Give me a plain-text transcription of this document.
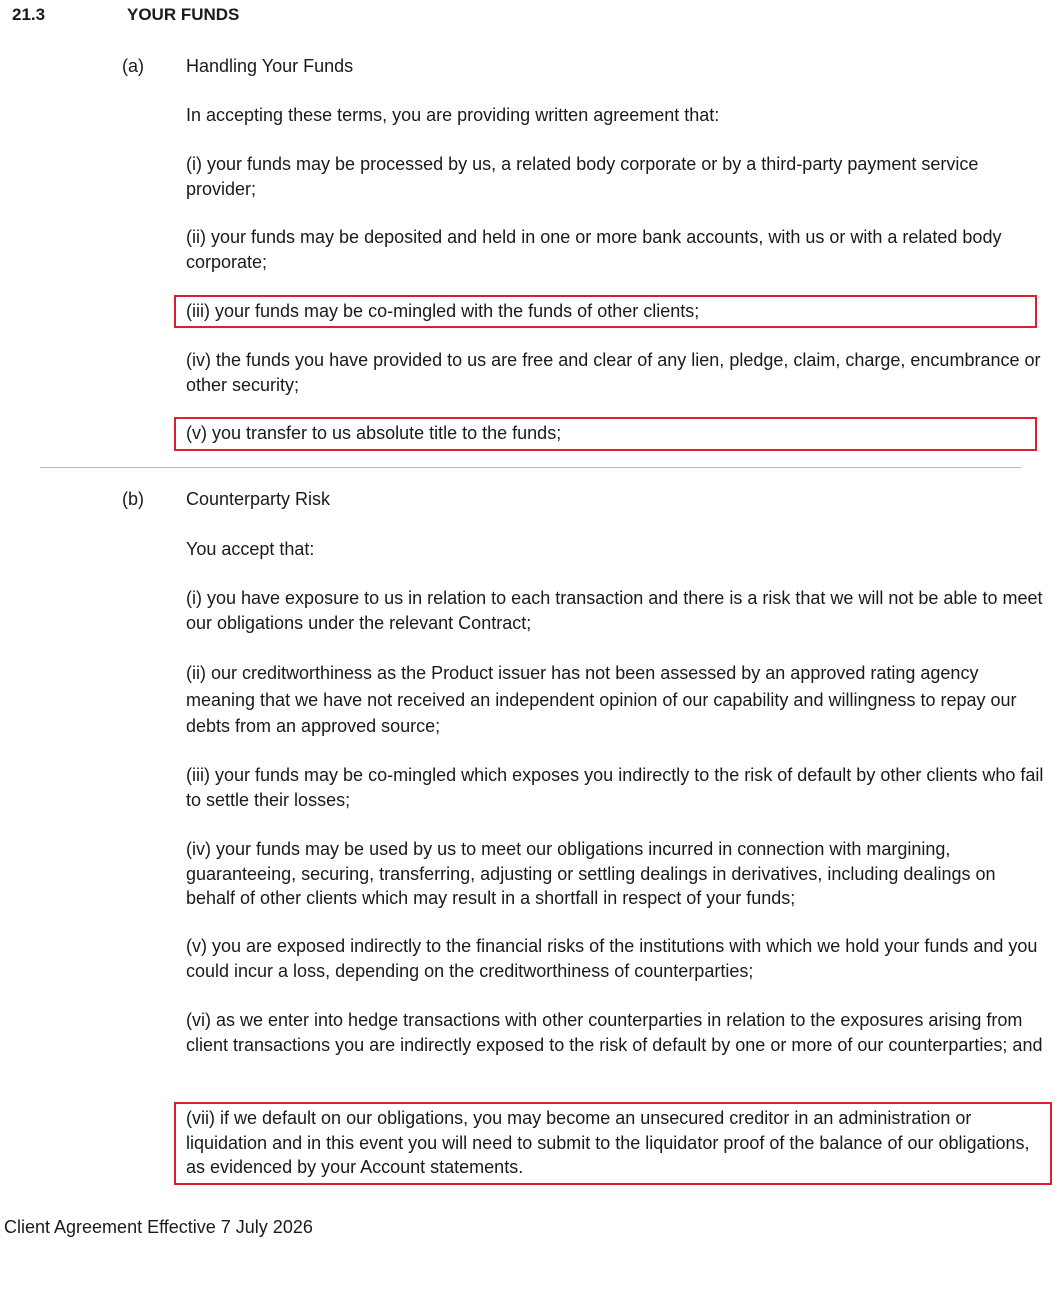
21.3	YOUR FUNDS
(a) Handling Your Funds
In accepting these terms, you are providing written agreement that:
(i) your funds may be processed by us, a related body corporate or by a third-party payment service provider;
(ii) your funds may be deposited and held in one or more bank accounts, with us or with a related body corporate;
(iii) your funds may be co-mingled with the funds of other clients;
(iv) the funds you have provided to us are free and clear of any lien, pledge, claim, charge, encumbrance or other security;
(v) you transfer to us absolute title to the funds;
(b) Counterparty Risk
You accept that:
(i) you have exposure to us in relation to each transaction and there is a risk that we will not be able to meet our obligations under the relevant Contract;
(ii) our creditworthiness as the Product issuer has not been assessed by an approved rating agency meaning that we have not received an independent opinion of our capability and willingness to repay our debts from an approved source;
(iii) your funds may be co-mingled which exposes you indirectly to the risk of default by other clients who fail to settle their losses;
(iv) your funds may be used by us to meet our obligations incurred in connection with margining, guaranteeing, securing, transferring, adjusting or settling dealings in derivatives, including dealings on behalf of other clients which may result in a shortfall in respect of your funds;
(v) you are exposed indirectly to the financial risks of the institutions with which we hold your funds and you could incur a loss, depending on the creditworthiness of counterparties;
(vi) as we enter into hedge transactions with other counterparties in relation to the exposures arising from client transactions you are indirectly exposed to the risk of default by one or more of our counterparties; and
(vii) if we default on our obligations, you may become an unsecured creditor in an administration or liquidation and in this event you will need to submit to the liquidator proof of the balance of our obligations, as evidenced by your Account statements.
Client Agreement Effective 7 July 2026
